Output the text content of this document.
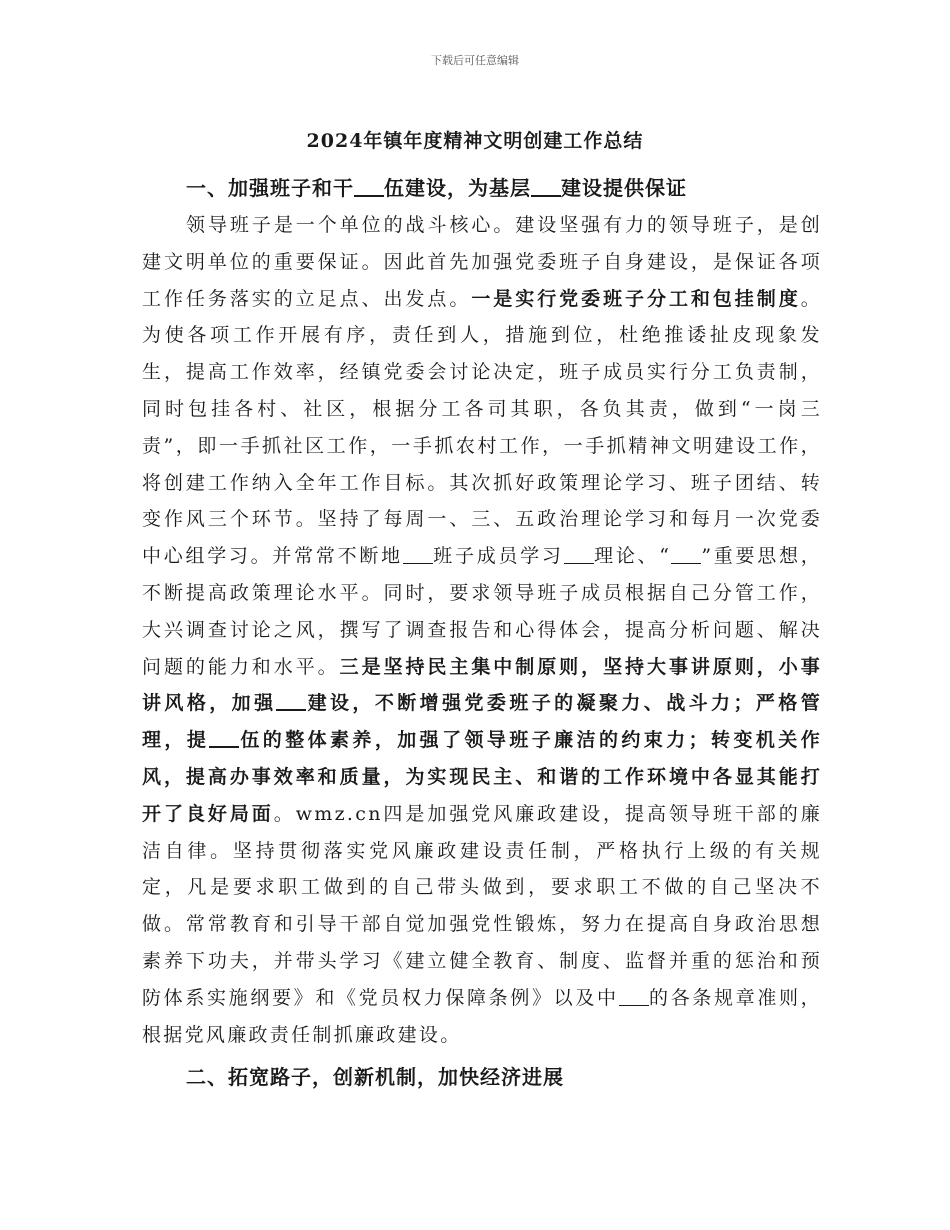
下载后可任意编辑
2024年镇年度精神文明创建工作总结

一、加强班子和干 伍建设，为基层 建设提供保证

领导班子是一个单位的战斗核心。建设坚强有力的领导班子，是创建文明单位的重要保证。因此首先加强党委班子自身建设，是保证各项工作任务落实的立足点、出发点。一是实行党委班子分工和包挂制度。为使各项工作开展有序，责任到人，措施到位，杜绝推诿扯皮现象发生，提高工作效率，经镇党委会讨论决定，班子成员实行分工负责制，同时包挂各村、社区，根据分工各司其职，各负其责，做到“一岗三责”，即一手抓社区工作，一手抓农村工作，一手抓精神文明建设工作，将创建工作纳入全年工作目标。其次抓好政策理论学习、班子团结、转变作风三个环节。坚持了每周一、三、五政治理论学习和每月一次党委中心组学习。并常常不断地 班子成员学习 理论、“ ”重要思想，不断提高政策理论水平。同时，要求领导班子成员根据自己分管工作，大兴调查讨论之风，撰写了调查报告和心得体会，提高分析问题、解决问题的能力和水平。三是坚持民主集中制原则，坚持大事讲原则，小事讲风格，加强 建设，不断增强党委班子的凝聚力、战斗力；严格管理，提 伍的整体素养，加强了领导班子廉洁的约束力；转变机关作风，提高办事效率和质量，为实现民主、和谐的工作环境中各显其能打开了良好局面。wmz.cn四是加强党风廉政建设，提高领导班干部的廉洁自律。坚持贯彻落实党风廉政建设责任制，严格执行上级的有关规定，凡是要求职工做到的自己带头做到，要求职工不做的自己坚决不做。常常教育和引导干部自觉加强党性锻炼，努力在提高自身政治思想素养下功夫，并带头学习《建立健全教育、制度、监督并重的惩治和预防体系实施纲要》和《党员权力保障条例》以及中 的各条规章准则，根据党风廉政责任制抓廉政建设。

二、拓宽路子，创新机制，加快经济进展
